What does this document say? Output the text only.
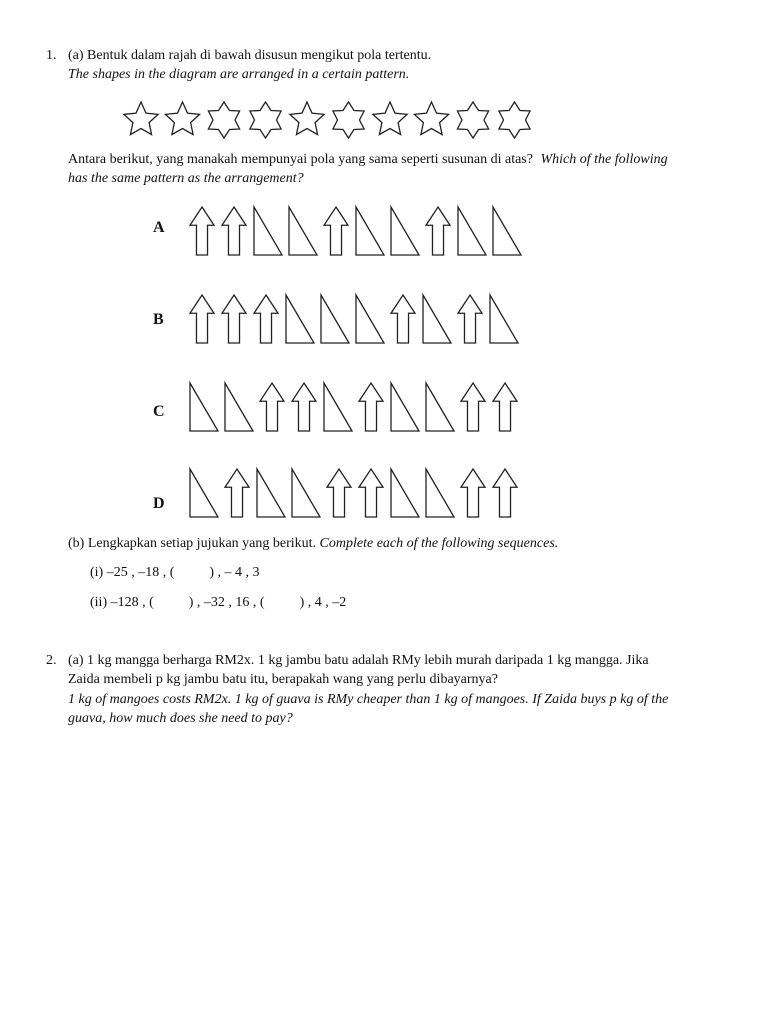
1. (a) Bentuk dalam rajah di bawah disusun mengikut pola tertentu.
The shapes in the diagram are arranged in a certain pattern.
Antara berikut, yang manakah mempunyai pola yang sama seperti susunan di atas? Which of the following
has the same pattern as the arrangement?
A
B
C
D
(b) Lengkapkan setiap jujukan yang berikut. Complete each of the following sequences.
(i) –25 , –18 , (          ) , – 4 , 3
(ii) –128 , (          ) , –32 , 16 , (          ) , 4 , –2
2. (a) 1 kg mangga berharga RM2x. 1 kg jambu batu adalah RMy lebih murah daripada 1 kg mangga. Jika
Zaida membeli p kg jambu batu itu, berapakah wang yang perlu dibayarnya?
1 kg of mangoes costs RM2x. 1 kg of guava is RMy cheaper than 1 kg of mangoes. If Zaida buys p kg of the
guava, how much does she need to pay?
